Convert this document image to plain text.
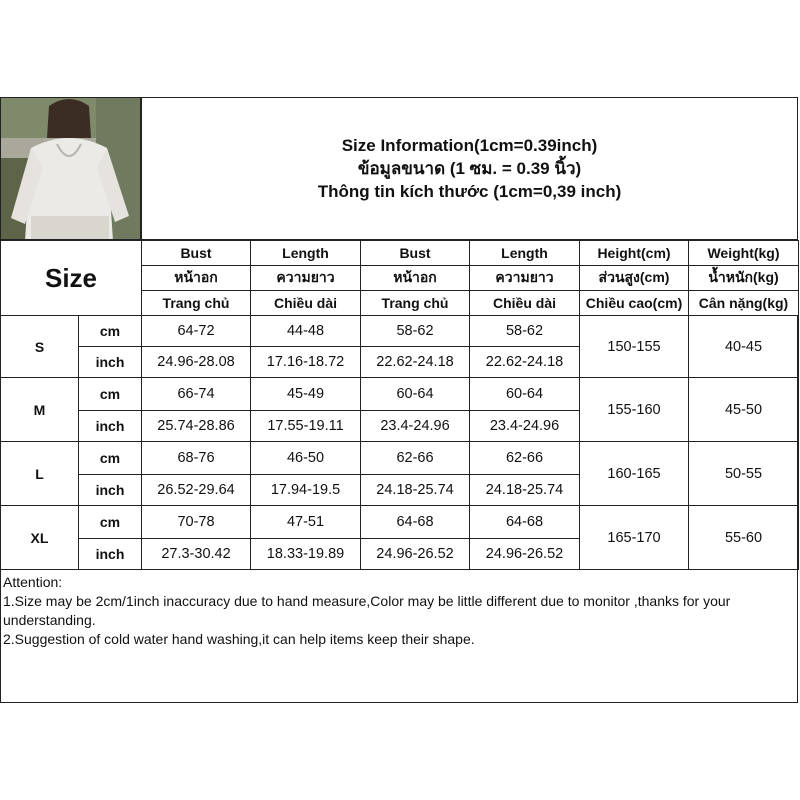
Size Information(1cm=0.39inch)
ข้อมูลขนาด (1 ซม. = 0.39 นิ้ว)
Thông tin kích thước (1cm=0,39 inch)
Size		Bust	Length	Bust	Length	Height(cm)	Weight(kg)
		หน้าอก	ความยาว	หน้าอก	ความยาว	ส่วนสูง(cm)	น้ำหนัก(kg)
		Trang chủ	Chiều dài	Trang chủ	Chiều dài	Chiều cao(cm)	Cân nặng(kg)
S	cm	64-72	44-48	58-62	58-62	150-155	40-45
	inch	24.96-28.08	17.16-18.72	22.62-24.18	22.62-24.18		
M	cm	66-74	45-49	60-64	60-64	155-160	45-50
	inch	25.74-28.86	17.55-19.11	23.4-24.96	23.4-24.96		
L	cm	68-76	46-50	62-66	62-66	160-165	50-55
	inch	26.52-29.64	17.94-19.5	24.18-25.74	24.18-25.74		
XL	cm	70-78	47-51	64-68	64-68	165-170	55-60
	inch	27.3-30.42	18.33-19.89	24.96-26.52	24.96-26.52		

Attention:

1.Size may be 2cm/1inch inaccuracy due to hand measure,Color may be little different due to monitor ,thanks for your understanding.

2.Suggestion of cold water hand washing,it can help items keep their shape.
